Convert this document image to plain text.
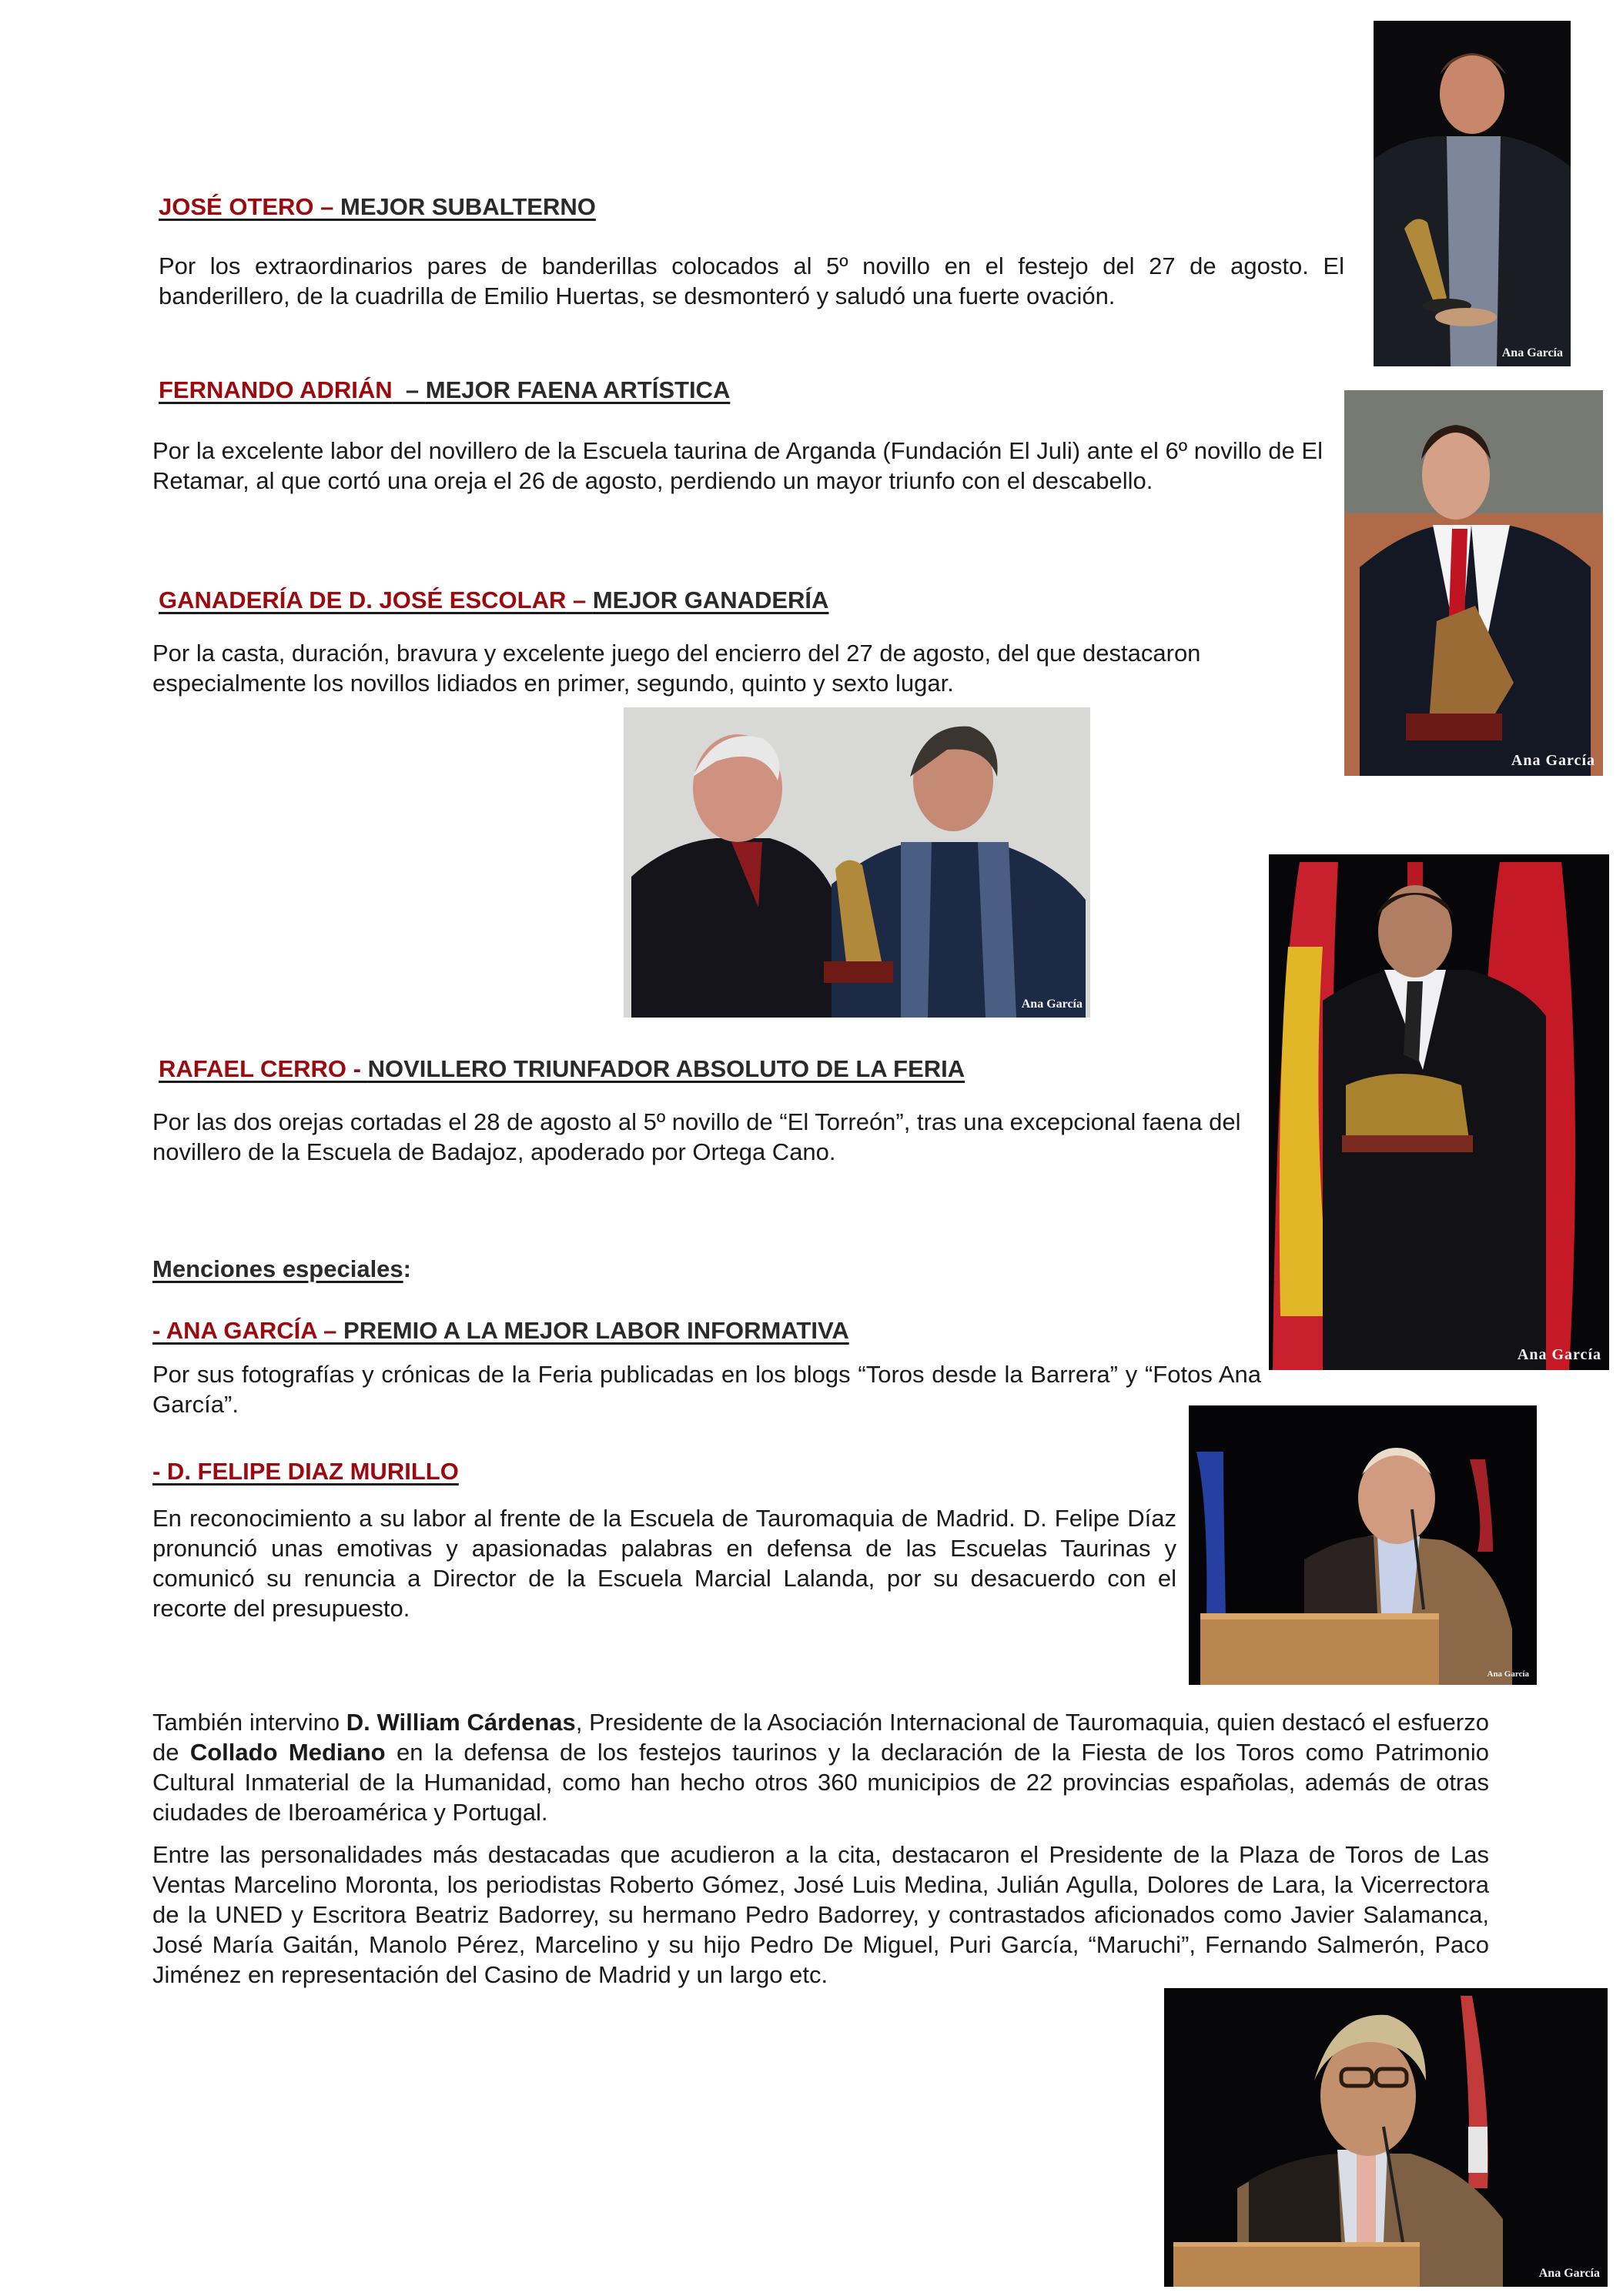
JOSÉ OTERO – MEJOR SUBALTERNO

Por los extraordinarios pares de banderillas colocados al 5º novillo en el festejo del 27 de agosto. El banderillero, de la cuadrilla de Emilio Huertas, se desmonteró y saludó una fuerte ovación.

FERNANDO ADRIÁN  – MEJOR FAENA ARTÍSTICA

Por la excelente labor del novillero de la Escuela taurina de Arganda (Fundación El Juli) ante el 6º novillo de El Retamar, al que cortó una oreja el 26 de agosto, perdiendo un mayor triunfo con el descabello.

GANADERÍA DE D. JOSÉ ESCOLAR – MEJOR GANADERÍA

Por la casta, duración, bravura y excelente juego del encierro del 27 de agosto, del que destacaron especialmente los novillos lidiados en primer, segundo, quinto y sexto lugar.

RAFAEL CERRO - NOVILLERO TRIUNFADOR ABSOLUTO DE LA FERIA

Por las dos orejas cortadas el 28 de agosto al 5º novillo de “El Torreón”, tras una excepcional faena del novillero de la Escuela de Badajoz, apoderado por Ortega Cano.

Menciones especiales:
- ANA GARCÍA – PREMIO A LA MEJOR LABOR INFORMATIVA

Por sus fotografías y crónicas de la Feria publicadas en los blogs “Toros desde la Barrera” y “Fotos Ana García”.

- D. FELIPE DIAZ MURILLO

En reconocimiento a su labor al frente de la Escuela de Tauromaquia de Madrid. D. Felipe Díaz pronunció unas emotivas y apasionadas palabras en defensa de las Escuelas Taurinas y comunicó su renuncia a Director de la Escuela Marcial Lalanda, por su desacuerdo con el recorte del presupuesto.

También intervino D. William Cárdenas, Presidente de la Asociación Internacional de Tauromaquia, quien destacó el esfuerzo de Collado Mediano en la defensa de los festejos taurinos y la declaración de la Fiesta de los Toros como Patrimonio Cultural Inmaterial de la Humanidad, como han hecho otros 360 municipios de 22 provincias españolas, además de otras ciudades de Iberoamérica y Portugal.

Entre las personalidades más destacadas que acudieron a la cita, destacaron el Presidente de la Plaza de Toros de Las Ventas Marcelino Moronta, los periodistas Roberto Gómez, José Luis Medina, Julián Agulla, Dolores de Lara, la Vicerrectora de la UNED y Escritora Beatriz Badorrey, su hermano Pedro Badorrey, y contrastados aficionados como Javier Salamanca, José María Gaitán, Manolo Pérez, Marcelino y su hijo Pedro De Miguel, Puri García, “Maruchi”, Fernando Salmerón, Paco Jiménez en representación del Casino de Madrid y un largo etc.

Ana García
Ana García
Ana García
Ana García
Ana García
Ana García
